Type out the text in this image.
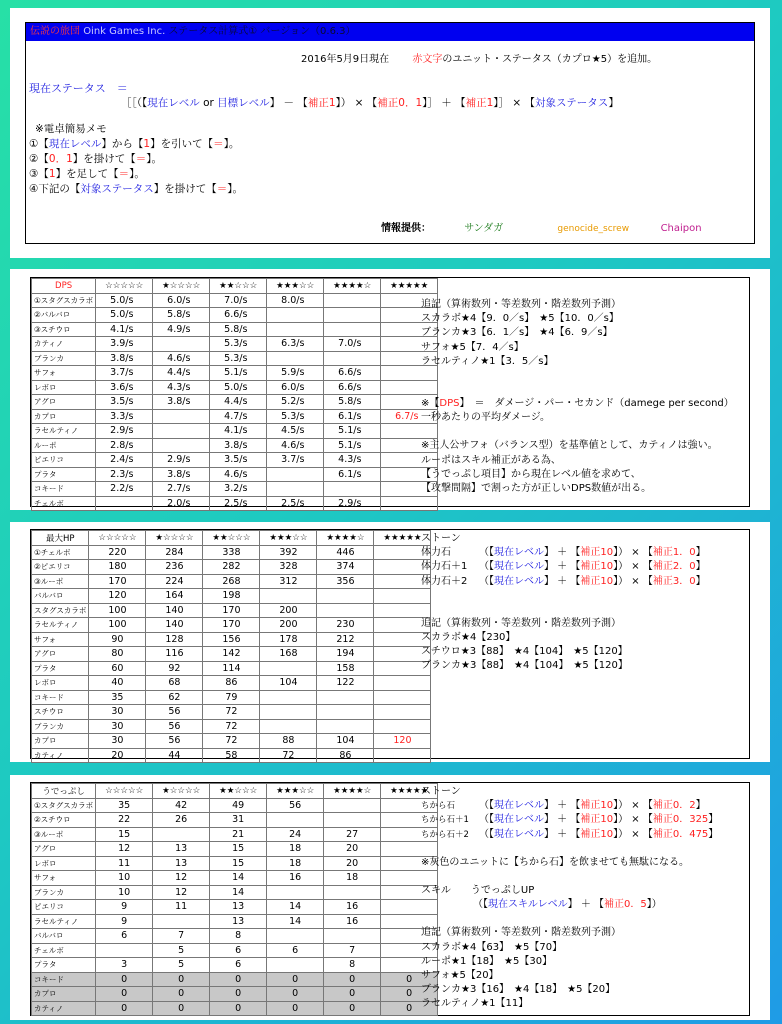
伝説の旅団 Oink Games Inc. ステータス計算式① バージョン（0.6.3）
2016年5月9日現在　　 赤文字のユニット・ステータス（カプロ★5）を追加。
現在ステータス　＝
［［（【現在レベル or 目標レベル】 － 【補正1】） × 【補正0．1】］ ＋ 【補正1】］ × 【対象ステータス】
※電卓簡易メモ
①【現在レベル】から【1】を引いて【＝】。
②【0．1】を掛けて【＝】。
③【1】を足して【＝】。
④下記の【対象ステータス】を掛けて【＝】。
情報提供：	サンダガ	genocide_screw	Chaipon
DPS	☆☆☆☆☆	★☆☆☆☆	★★☆☆☆	★★★☆☆	★★★★☆	★★★★★
①スタグスカラボ	5.0/s	6.0/s	7.0/s	8.0/s		
②バルバロ	5.0/s	5.8/s	6.6/s			
③スチウロ	4.1/s	4.9/s	5.8/s			
カティノ	3.9/s		5.3/s	6.3/s	7.0/s	
ブランカ	3.8/s	4.6/s	5.3/s			
サフォ	3.7/s	4.4/s	5.1/s	5.9/s	6.6/s	
レボロ	3.6/s	4.3/s	5.0/s	6.0/s	6.6/s	
アグロ	3.5/s	3.8/s	4.4/s	5.2/s	5.8/s	
カプロ	3.3/s		4.7/s	5.3/s	6.1/s	6.7/s
ラセルティノ	2.9/s		4.1/s	4.5/s	5.1/s	
ルーポ	2.8/s		3.8/s	4.6/s	5.1/s	
ピエリコ	2.4/s	2.9/s	3.5/s	3.7/s	4.3/s	
プラタ	2.3/s	3.8/s	4.6/s		6.1/s	
コキード	2.2/s	2.7/s	3.2/s			
チェルボ		2.0/s	2.5/s	2.5/s	2.9/s	
追記（算術数列・等差数列・階差数列予測）
スカラボ★4【9．0／s】　★5【10．0／s】
ブランカ★3【6．1／s】　★4【6．9／s】
サフォ★5【7．4／s】
ラセルティノ★1【3．5／s】
※【DPS】　＝　ダメージ・パー・セカンド（damege per second）
一秒あたりの平均ダメージ。
※主人公サフォ（バランス型）を基準値として、カティノは強い。
ルーポはスキル補正がある為、
【うでっぷし項目】から現在レベル値を求めて、
【攻撃間隔】で割った方が正しいDPS数値が出る。
最大HP	☆☆☆☆☆	★☆☆☆☆	★★☆☆☆	★★★☆☆	★★★★☆	★★★★★
①チェルボ	220	284	338	392	446	
②ピエリコ	180	236	282	328	374	
③ルーポ	170	224	268	312	356	
バルバロ	120	164	198			
スタグスカラボ	100	140	170	200		
ラセルティノ	100	140	170	200	230	
サフォ	90	128	156	178	212	
アグロ	80	116	142	168	194	
プラタ	60	92	114		158	
レボロ	40	68	86	104	122	
コキード	35	62	79			
スチウロ	30	56	72			
ブランカ	30	56	72			
カプロ	30	56	72	88	104	120
カティノ	20	44	58	72	86	
ストーン
体力石	（【現在レベル】 ＋ 【補正10】） × 【補正1．0】
体力石＋1 （【現在レベル】 ＋ 【補正10】） × 【補正2．0】
体力石＋2 （【現在レベル】 ＋ 【補正10】） × 【補正3．0】
追記（算術数列・等差数列・階差数列予測）
スカラボ★4【230】
スチウロ★3【88】　★4【104】　★5【120】
ブランカ★3【88】　★4【104】　★5【120】
うでっぷし	☆☆☆☆☆	★☆☆☆☆	★★☆☆☆	★★★☆☆	★★★★☆	★★★★★
①スタグスカラボ	35	42	49	56		
②スチウロ	22	26	31			
③ルーポ	15		21	24	27	
アグロ	12	13	15	18	20	
レボロ	11	13	15	18	20	
サフォ	10	12	14	16	18	
ブランカ	10	12	14			
ピエリコ	9	11	13	14	16	
ラセルティノ	9		13	14	16	
バルバロ	6	7	8			
チェルボ		5	6	6	7	
プラタ	3	5	6		8	
コキード	0	0	0	0	0	0
カプロ	0	0	0	0	0	0
カティノ	0	0	0	0	0	0
ストーン
ちから石 （【現在レベル】 ＋ 【補正10】） × 【補正0．2】
ちから石＋1 （【現在レベル】 ＋ 【補正10】） × 【補正0．325】
ちから石＋2 （【現在レベル】 ＋ 【補正10】） × 【補正0．475】
※灰色のユニットに【ちから石】を飲ませても無駄になる。
スキル　　うでっぷしUP
（【現在スキルレベル】 ＋ 【補正0．5】）
追記（算術数列・等差数列・階差数列予測）
スカラボ★4【63】　★5【70】
ルーポ★1【18】　★5【30】
サフォ★5【20】
ブランカ★3【16】　★4【18】　★5【20】
ラセルティノ★1【11】
